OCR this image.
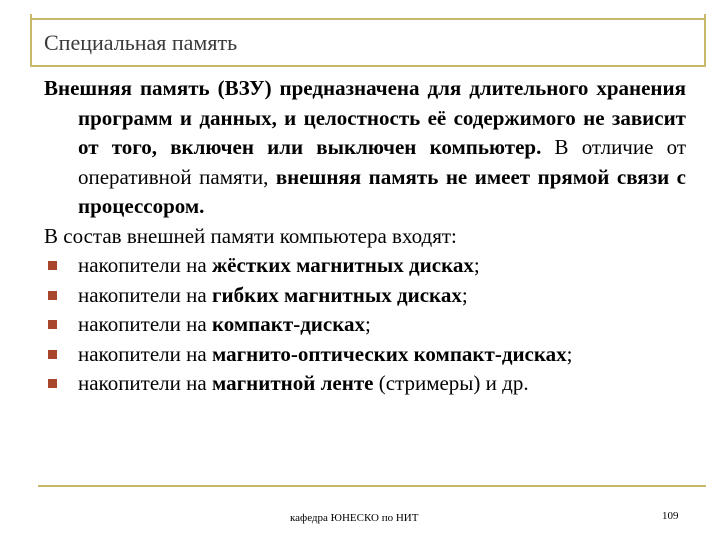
Специальная память

Внешняя память (ВЗУ) предназначена для длительного хранения программ и данных, и целостность её содержимого не зависит от того, включен или выключен компьютер. В отличие от оперативной памяти, внешняя память не имеет прямой связи с процессором.

В состав внешней памяти компьютера входят:

накопители на жёстких магнитных дисках;
накопители на гибких магнитных дисках;
накопители на компакт-дисках;
накопители на магнито-оптических компакт-дисках;
накопители на магнитной ленте (стримеры) и др.
кафедра ЮНЕСКО по НИТ	109
